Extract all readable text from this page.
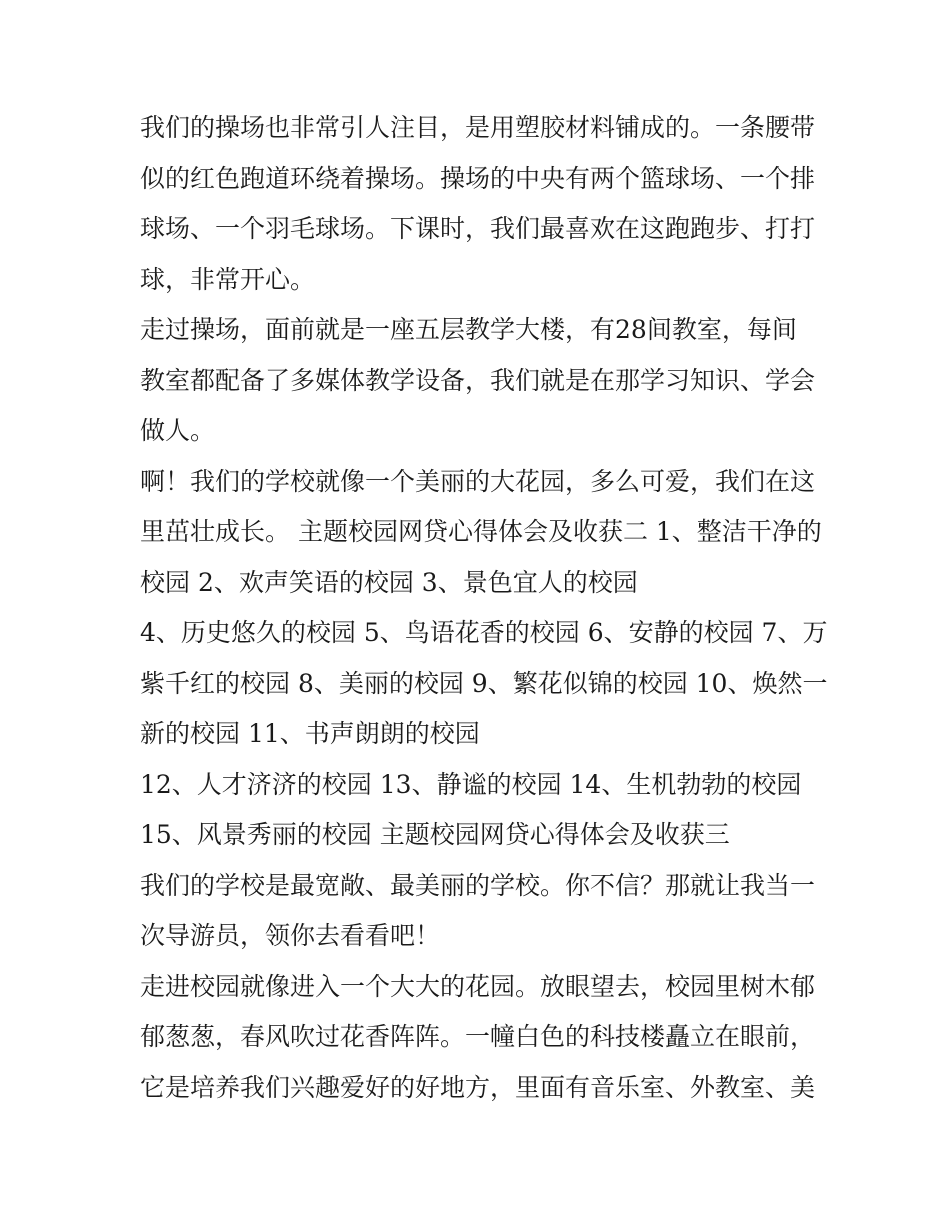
我们的操场也非常引人注目，是用塑胶材料铺成的。一条腰带
似的红色跑道环绕着操场。操场的中央有两个篮球场、一个排
球场、一个羽毛球场。下课时，我们最喜欢在这跑跑步、打打
球，非常开心。
走过操场，面前就是一座五层教学大楼，有28间教室，每间
教室都配备了多媒体教学设备，我们就是在那学习知识、学会
做人。
啊！我们的学校就像一个美丽的大花园，多么可爱，我们在这
里茁壮成长。 主题校园网贷心得体会及收获二 1、整洁干净的
校园 2、欢声笑语的校园 3、景色宜人的校园
4、历史悠久的校园 5、鸟语花香的校园 6、安静的校园 7、万
紫千红的校园 8、美丽的校园 9、繁花似锦的校园 10、焕然一
新的校园 11、书声朗朗的校园
12、人才济济的校园 13、静谧的校园 14、生机勃勃的校园
15、风景秀丽的校园 主题校园网贷心得体会及收获三
我们的学校是最宽敞、最美丽的学校。你不信？那就让我当一
次导游员，领你去看看吧！
走进校园就像进入一个大大的花园。放眼望去，校园里树木郁
郁葱葱，春风吹过花香阵阵。一幢白色的科技楼矗立在眼前，
它是培养我们兴趣爱好的好地方，里面有音乐室、外教室、美
